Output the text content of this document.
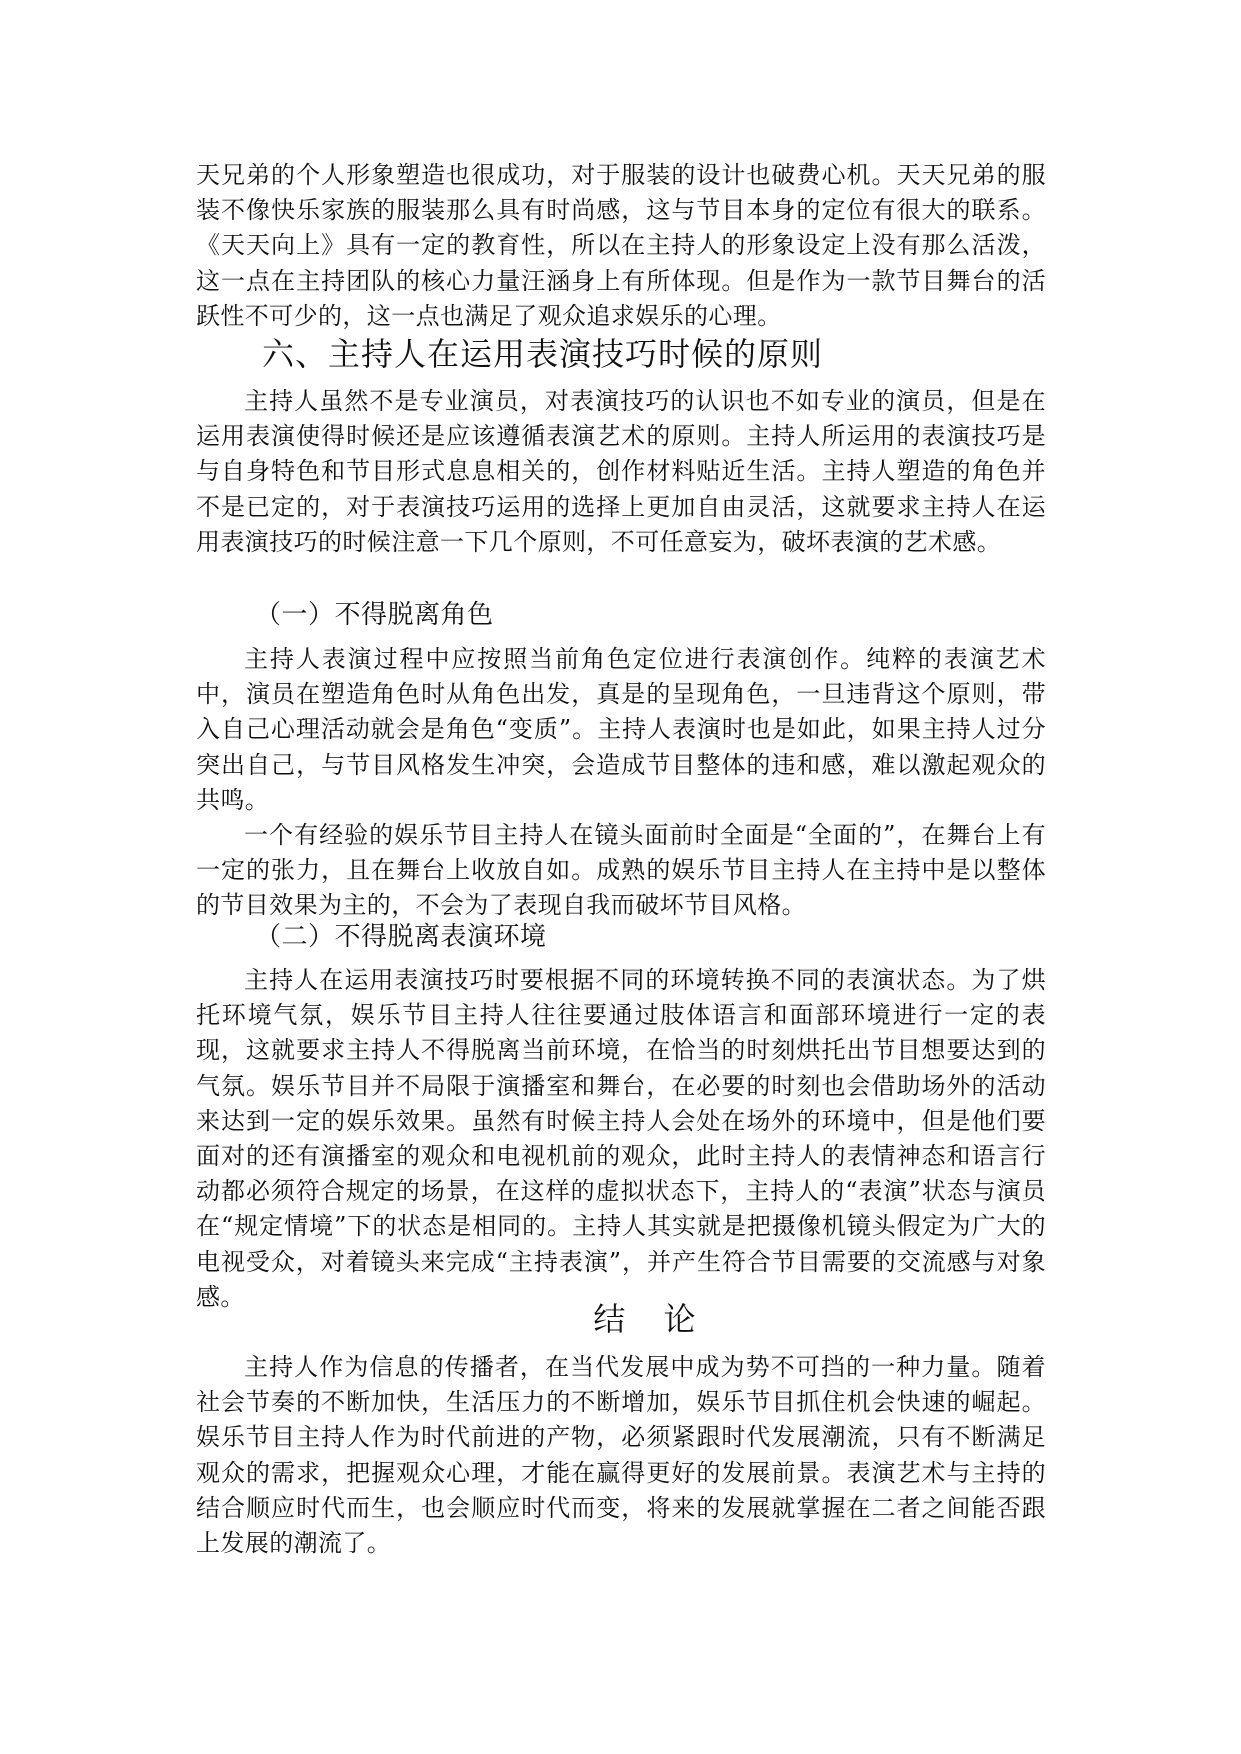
天兄弟的个人形象塑造也很成功，对于服装的设计也破费心机。天天兄弟的服装不像快乐家族的服装那么具有时尚感，这与节目本身的定位有很大的联系。《天天向上》具有一定的教育性，所以在主持人的形象设定上没有那么活泼，这一点在主持团队的核心力量汪涵身上有所体现。但是作为一款节目舞台的活跃性不可少的，这一点也满足了观众追求娱乐的心理。

六、主持人在运用表演技巧时候的原则

主持人虽然不是专业演员，对表演技巧的认识也不如专业的演员，但是在运用表演使得时候还是应该遵循表演艺术的原则。主持人所运用的表演技巧是与自身特色和节目形式息息相关的，创作材料贴近生活。主持人塑造的角色并不是已定的，对于表演技巧运用的选择上更加自由灵活，这就要求主持人在运用表演技巧的时候注意一下几个原则，不可任意妄为，破坏表演的艺术感。

（一）不得脱离角色

主持人表演过程中应按照当前角色定位进行表演创作。纯粹的表演艺术中，演员在塑造角色时从角色出发，真是的呈现角色，一旦违背这个原则，带入自己心理活动就会是角色“变质”。主持人表演时也是如此，如果主持人过分突出自己，与节目风格发生冲突，会造成节目整体的违和感，难以激起观众的共鸣。

一个有经验的娱乐节目主持人在镜头面前时全面是“全面的”，在舞台上有一定的张力，且在舞台上收放自如。成熟的娱乐节目主持人在主持中是以整体的节目效果为主的，不会为了表现自我而破坏节目风格。

（二）不得脱离表演环境

主持人在运用表演技巧时要根据不同的环境转换不同的表演状态。为了烘托环境气氛，娱乐节目主持人往往要通过肢体语言和面部环境进行一定的表现，这就要求主持人不得脱离当前环境，在恰当的时刻烘托出节目想要达到的气氛。娱乐节目并不局限于演播室和舞台，在必要的时刻也会借助场外的活动来达到一定的娱乐效果。虽然有时候主持人会处在场外的环境中，但是他们要面对的还有演播室的观众和电视机前的观众，此时主持人的表情神态和语言行动都必须符合规定的场景，在这样的虚拟状态下，主持人的“表演”状态与演员在“规定情境”下的状态是相同的。主持人其实就是把摄像机镜头假定为广大的电视受众，对着镜头来完成“主持表演”，并产生符合节目需要的交流感与对象感。

结 论

主持人作为信息的传播者，在当代发展中成为势不可挡的一种力量。随着社会节奏的不断加快，生活压力的不断增加，娱乐节目抓住机会快速的崛起。娱乐节目主持人作为时代前进的产物，必须紧跟时代发展潮流，只有不断满足观众的需求，把握观众心理，才能在赢得更好的发展前景。表演艺术与主持的结合顺应时代而生，也会顺应时代而变，将来的发展就掌握在二者之间能否跟上发展的潮流了。
